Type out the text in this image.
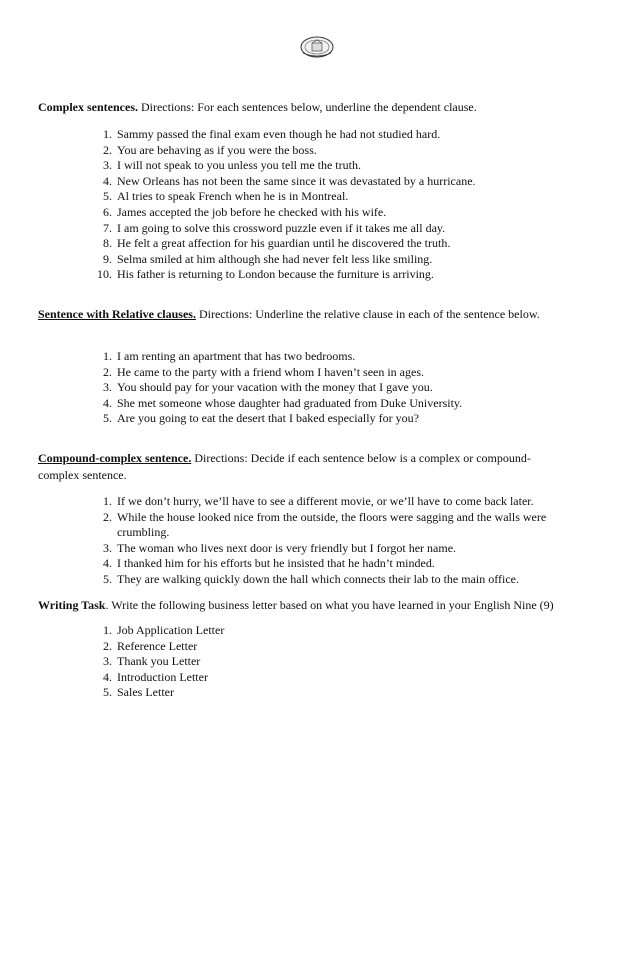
Complex sentences. Directions: For each sentences below, underline the dependent clause.
1. Sammy passed the final exam even though he had not studied hard.
2. You are behaving as if you were the boss.
3. I will not speak to you unless you tell me the truth.
4. New Orleans has not been the same since it was devastated by a hurricane.
5. Al tries to speak French when he is in Montreal.
6. James accepted the job before he checked with his wife.
7. I am going to solve this crossword puzzle even if it takes me all day.
8. He felt a great affection for his guardian until he discovered the truth.
9. Selma smiled at him although she had never felt less like smiling.
10. His father is returning to London because the furniture is arriving.
Sentence with Relative clauses. Directions: Underline the relative clause in each of the sentence below.
1. I am renting an apartment that has two bedrooms.
2. He came to the party with a friend whom I haven’t seen in ages.
3. You should pay for your vacation with the money that I gave you.
4. She met someone whose daughter had graduated from Duke University.
5. Are you going to eat the desert that I baked especially for you?
Compound-complex sentence. Directions: Decide if each sentence below is a complex or compound-complex sentence.
1. If we don’t hurry, we’ll have to see a different movie, or we’ll have to come back later.
2. While the house looked nice from the outside, the floors were sagging and the walls were crumbling.
3. The woman who lives next door is very friendly but I forgot her name.
4. I thanked him for his efforts but he insisted that he hadn’t minded.
5. They are walking quickly down the hall which connects their lab to the main office.
Writing Task. Write the following business letter based on what you have learned in your English Nine (9)
1. Job Application Letter
2. Reference Letter
3. Thank you Letter
4. Introduction Letter
5. Sales Letter
